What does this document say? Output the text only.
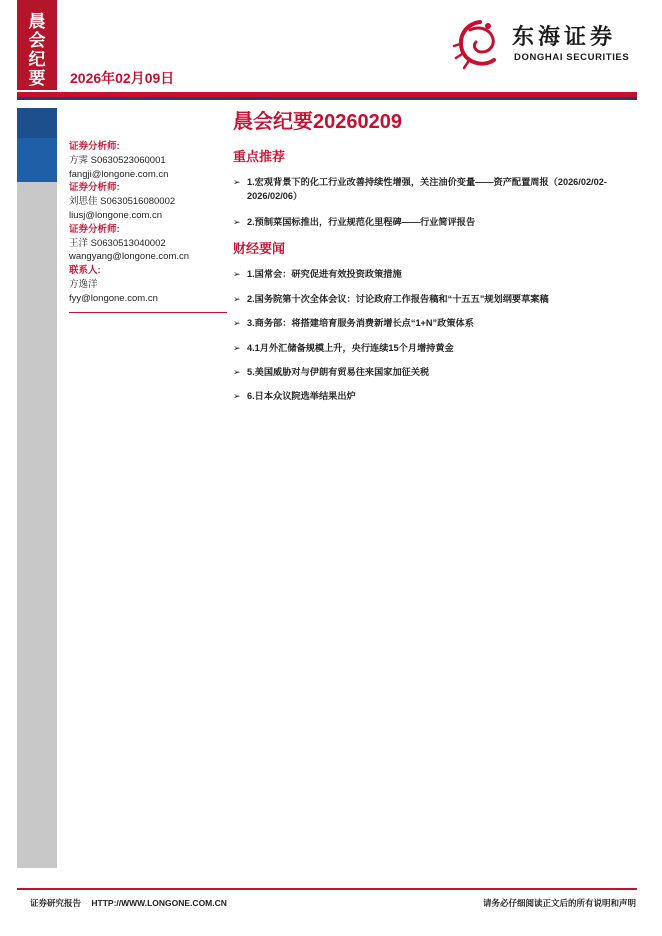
晨
会
纪
要	2026年02月09日
东海证券
DONGHAI SECURITIES
证券分析师:
方霁 S0630523060001
fangji@longone.com.cn
证券分析师:
刘思佳 S0630516080002
liusj@longone.com.cn
证券分析师:
王洋 S0630513040002
wangyang@longone.com.cn
联系人:
方逸洋
fyy@longone.com.cn
晨会纪要20260209
重点推荐
➢ 1.宏观背景下的化工行业改善持续性增强，关注油价变量——资产配置周报（2026/02/02-2026/02/06）
➢ 2.预制菜国标推出，行业规范化里程碑——行业简评报告
财经要闻
➢ 1.国常会：研究促进有效投资政策措施
➢ 2.国务院第十次全体会议：讨论政府工作报告稿和“十五五”规划纲要草案稿
➢ 3.商务部：将搭建培育服务消费新增长点“1+N”政策体系
➢ 4.1月外汇储备规模上升，央行连续15个月增持黄金
➢ 5.美国威胁对与伊朗有贸易往来国家加征关税
➢ 6.日本众议院选举结果出炉
证券研究报告 HTTP://WWW.LONGONE.COM.CN	请务必仔细阅读正文后的所有说明和声明
